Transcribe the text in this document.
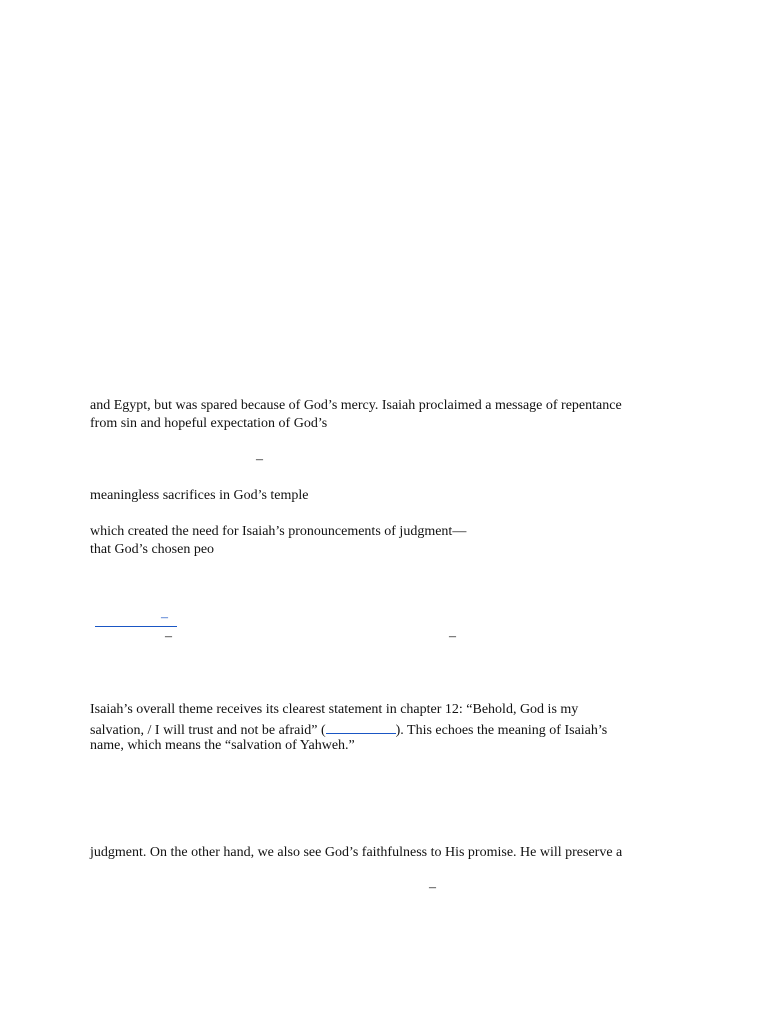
and Egypt, but was spared because of God’s mercy. Isaiah proclaimed a message of repentance
from sin and hopeful expectation of God’s
–
meaningless sacrifices in God’s temple
which created the need for Isaiah’s pronouncements of judgment—
that God’s chosen peo
–
–	–
Isaiah’s overall theme receives its clearest statement in chapter 12: “Behold, God is my
salvation, / I will trust and not be afraid” (	). This echoes the meaning of Isaiah’s
name, which means the “salvation of Yahweh.”
judgment. On the other hand, we also see God’s faithfulness to His promise. He will preserve a
–
